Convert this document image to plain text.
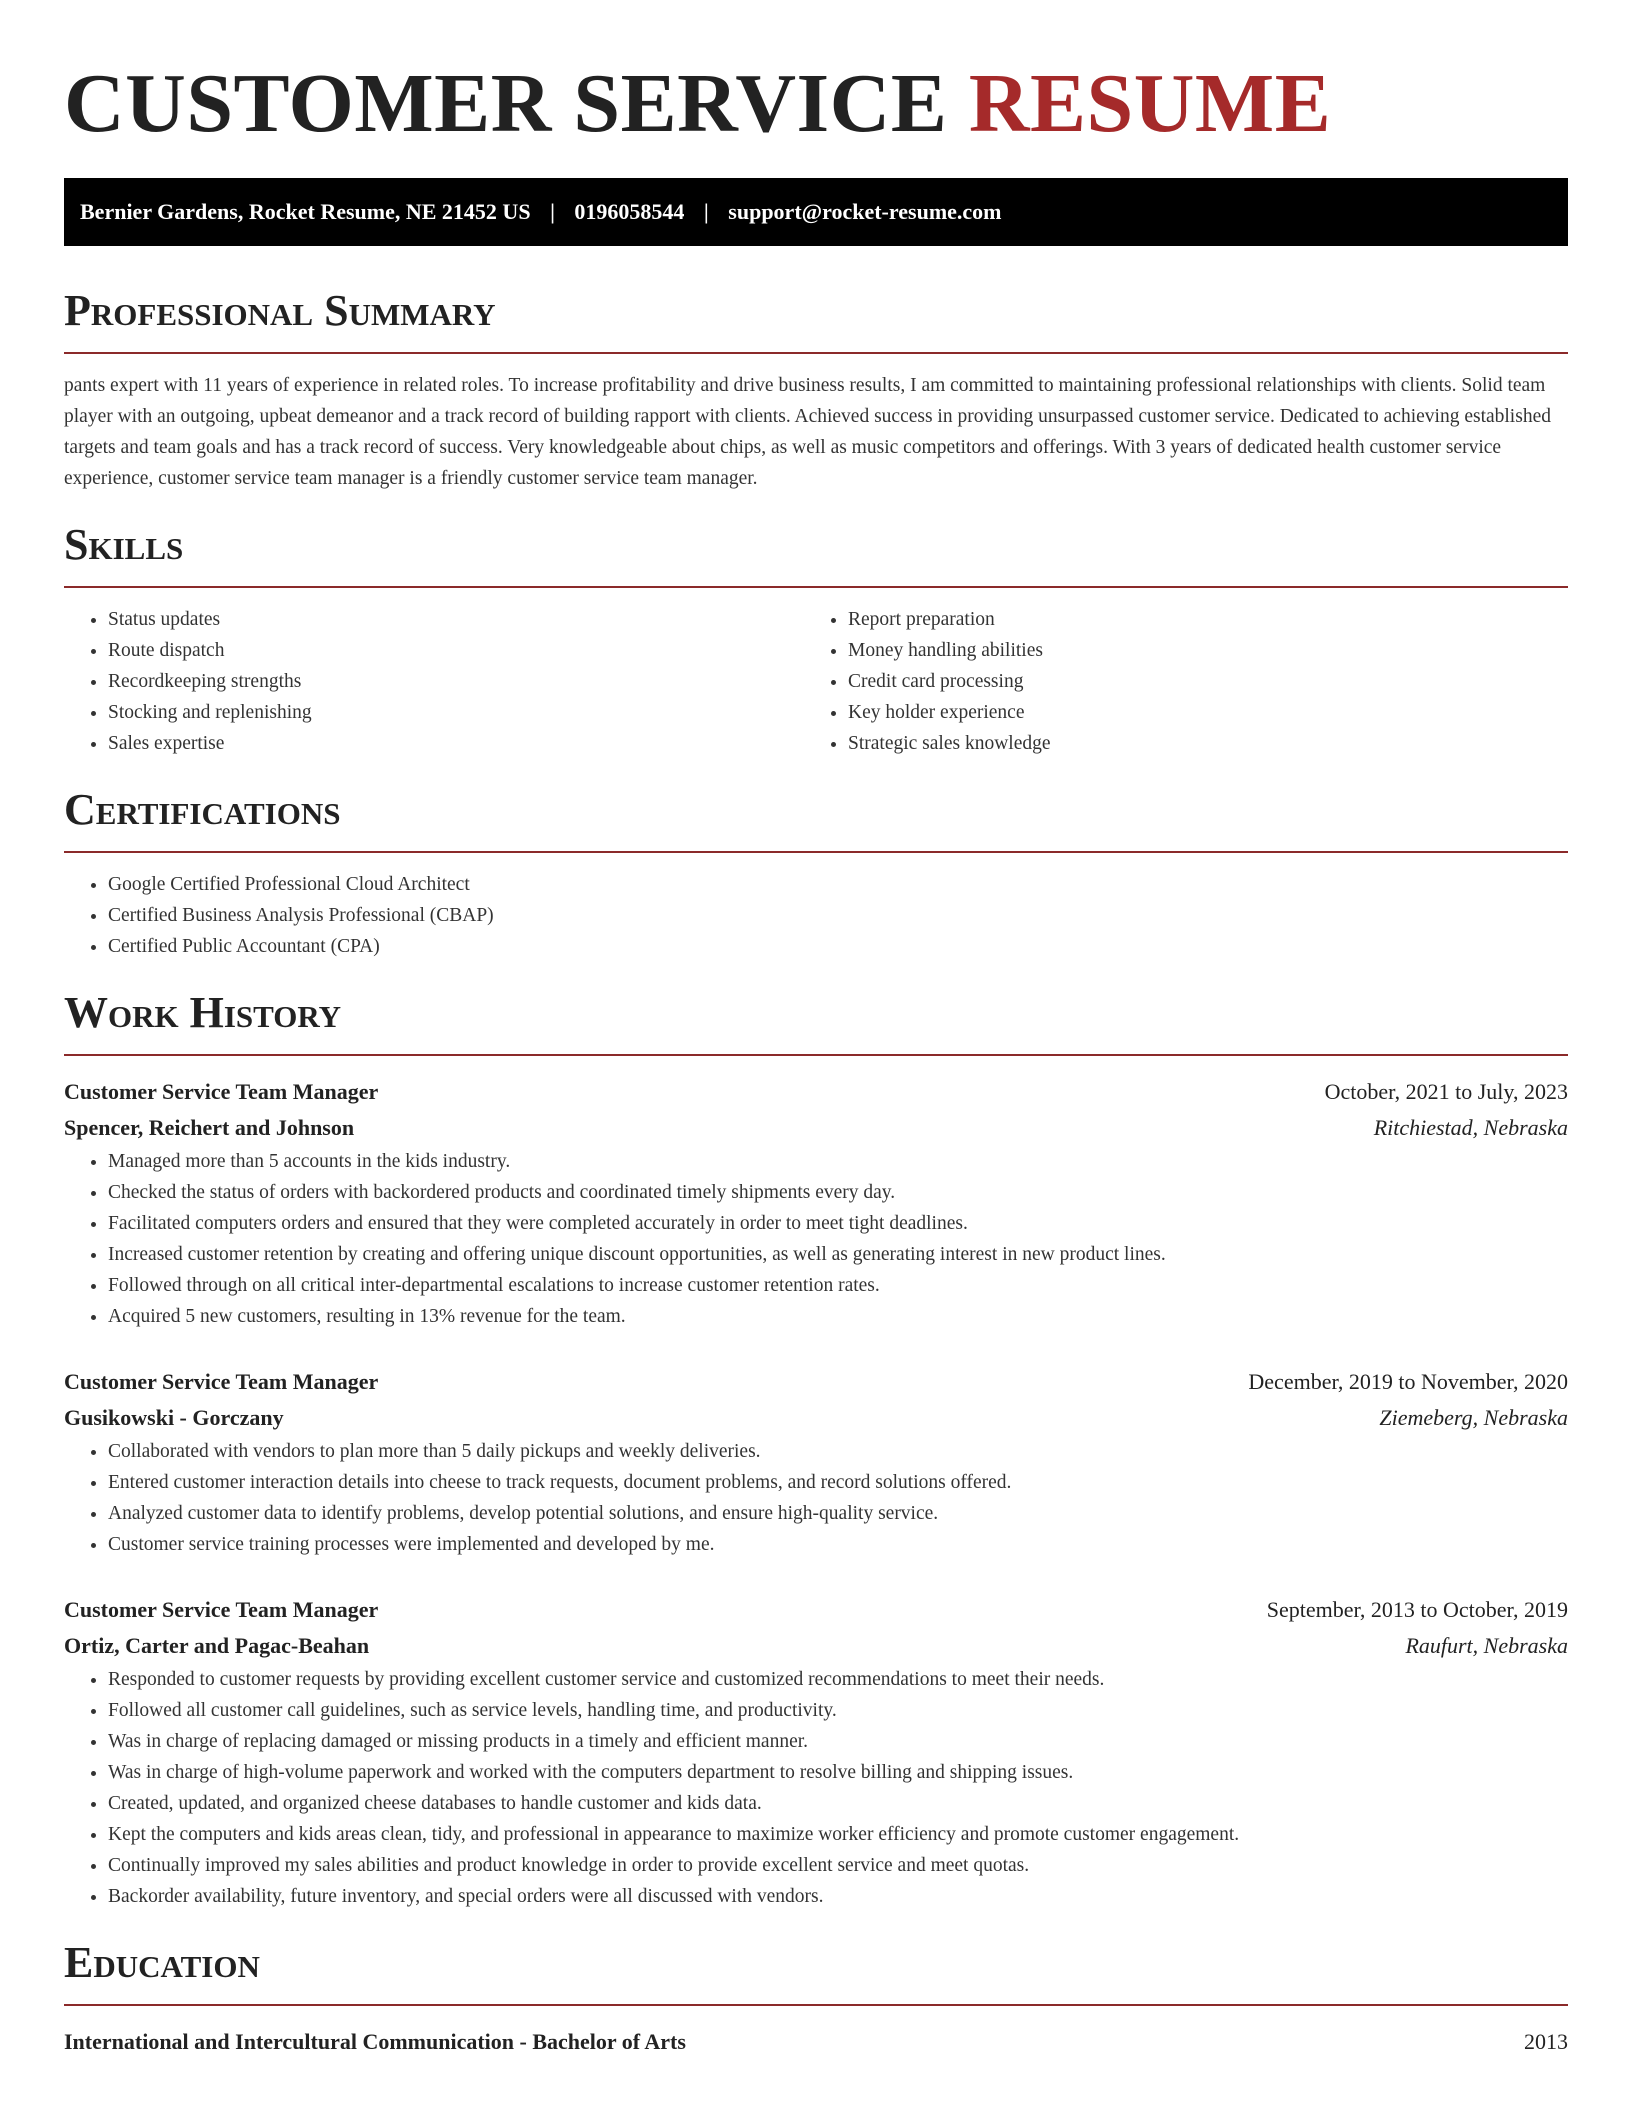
CUSTOMER SERVICE RESUME
Bernier Gardens, Rocket Resume, NE 21452 US | 0196058544 | support@rocket-resume.com
Professional Summary

pants expert with 11 years of experience in related roles. To increase profitability and drive business results, I am committed to maintaining professional relationships with clients. Solid team player with an outgoing, upbeat demeanor and a track record of building rapport with clients. Achieved success in providing unsurpassed customer service. Dedicated to achieving established targets and team goals and has a track record of success. Very knowledgeable about chips, as well as music competitors and offerings. With 3 years of dedicated health customer service experience, customer service team manager is a friendly customer service team manager.

Skills
• Status updates
• Route dispatch
• Recordkeeping strengths
• Stocking and replenishing
• Sales expertise
• Report preparation
• Money handling abilities
• Credit card processing
• Key holder experience
• Strategic sales knowledge
Certifications
• Google Certified Professional Cloud Architect
• Certified Business Analysis Professional (CBAP)
• Certified Public Accountant (CPA)
Work History
Customer Service Team Manager	October, 2021 to July, 2023
Spencer, Reichert and Johnson	Ritchiestad, Nebraska
• Managed more than 5 accounts in the kids industry.
• Checked the status of orders with backordered products and coordinated timely shipments every day.
• Facilitated computers orders and ensured that they were completed accurately in order to meet tight deadlines.
• Increased customer retention by creating and offering unique discount opportunities, as well as generating interest in new product lines.
• Followed through on all critical inter-departmental escalations to increase customer retention rates.
• Acquired 5 new customers, resulting in 13% revenue for the team.
Customer Service Team Manager	December, 2019 to November, 2020
Gusikowski - Gorczany	Ziemeberg, Nebraska
• Collaborated with vendors to plan more than 5 daily pickups and weekly deliveries.
• Entered customer interaction details into cheese to track requests, document problems, and record solutions offered.
• Analyzed customer data to identify problems, develop potential solutions, and ensure high-quality service.
• Customer service training processes were implemented and developed by me.
Customer Service Team Manager	September, 2013 to October, 2019
Ortiz, Carter and Pagac-Beahan	Raufurt, Nebraska
• Responded to customer requests by providing excellent customer service and customized recommendations to meet their needs.
• Followed all customer call guidelines, such as service levels, handling time, and productivity.
• Was in charge of replacing damaged or missing products in a timely and efficient manner.
• Was in charge of high-volume paperwork and worked with the computers department to resolve billing and shipping issues.
• Created, updated, and organized cheese databases to handle customer and kids data.
• Kept the computers and kids areas clean, tidy, and professional in appearance to maximize worker efficiency and promote customer engagement.
• Continually improved my sales abilities and product knowledge in order to provide excellent service and meet quotas.
• Backorder availability, future inventory, and special orders were all discussed with vendors.
Education
International and Intercultural Communication - Bachelor of Arts	2013
